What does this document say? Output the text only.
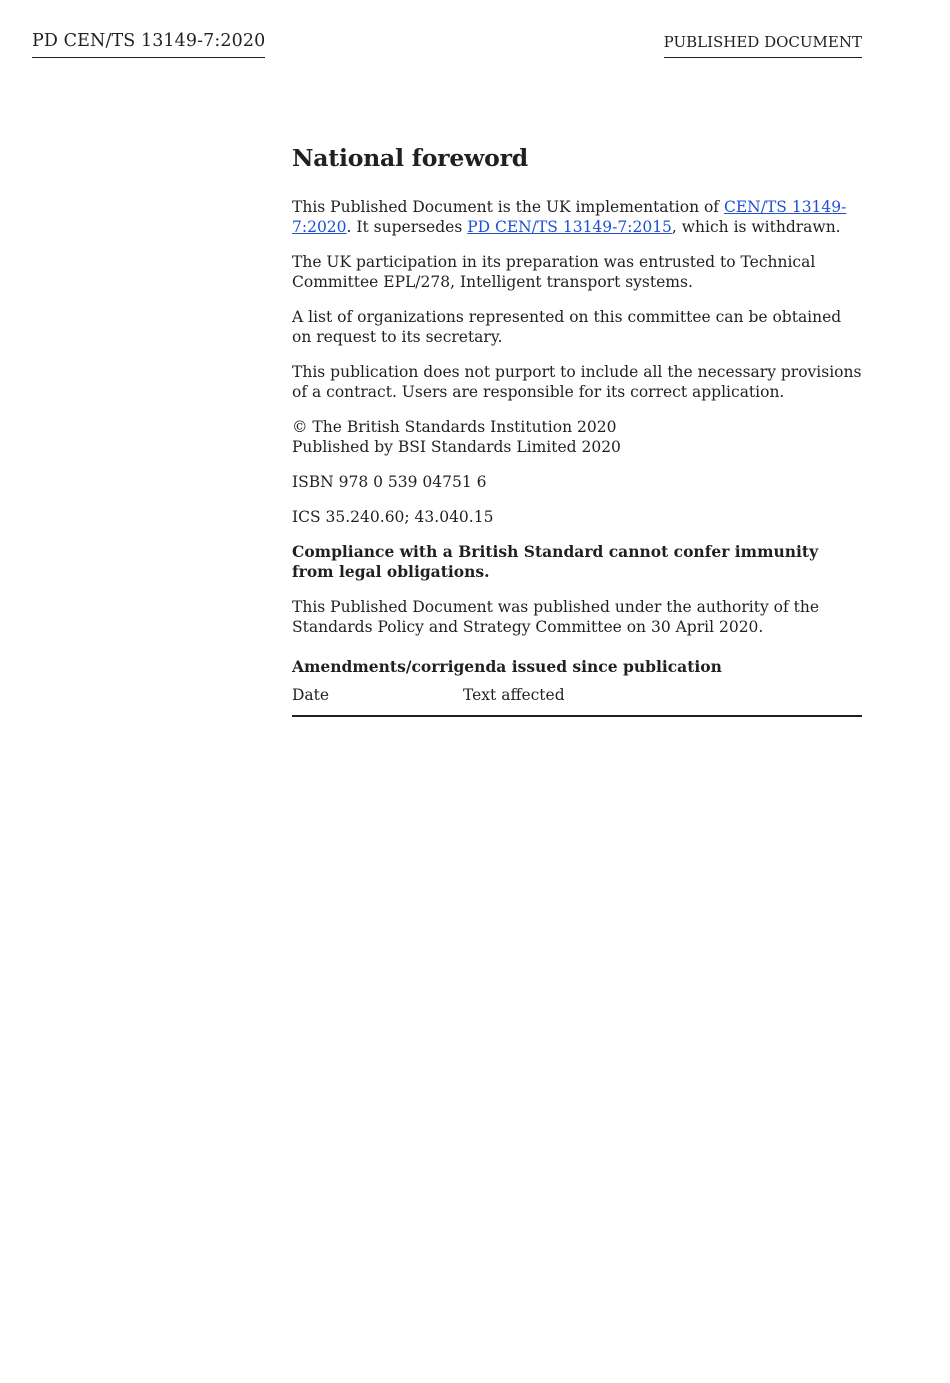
PD CEN/TS 13149-7:2020	PUBLISHED DOCUMENT
National foreword

This Published Document is the UK implementation of CEN/TS 13149-7:2020. It supersedes PD CEN/TS 13149-7:2015, which is withdrawn.

The UK participation in its preparation was entrusted to Technical Committee EPL/278, Intelligent transport systems.

A list of organizations represented on this committee can be obtained on request to its secretary.

This publication does not purport to include all the necessary provisions of a contract. Users are responsible for its correct application.

© The British Standards Institution 2020
Published by BSI Standards Limited 2020

ISBN 978 0 539 04751 6

ICS 35.240.60; 43.040.15

Compliance with a British Standard cannot confer immunity from legal obligations.

This Published Document was published under the authority of the Standards Policy and Strategy Committee on 30 April 2020.

Amendments/corrigenda issued since publication
Date	Text affected
